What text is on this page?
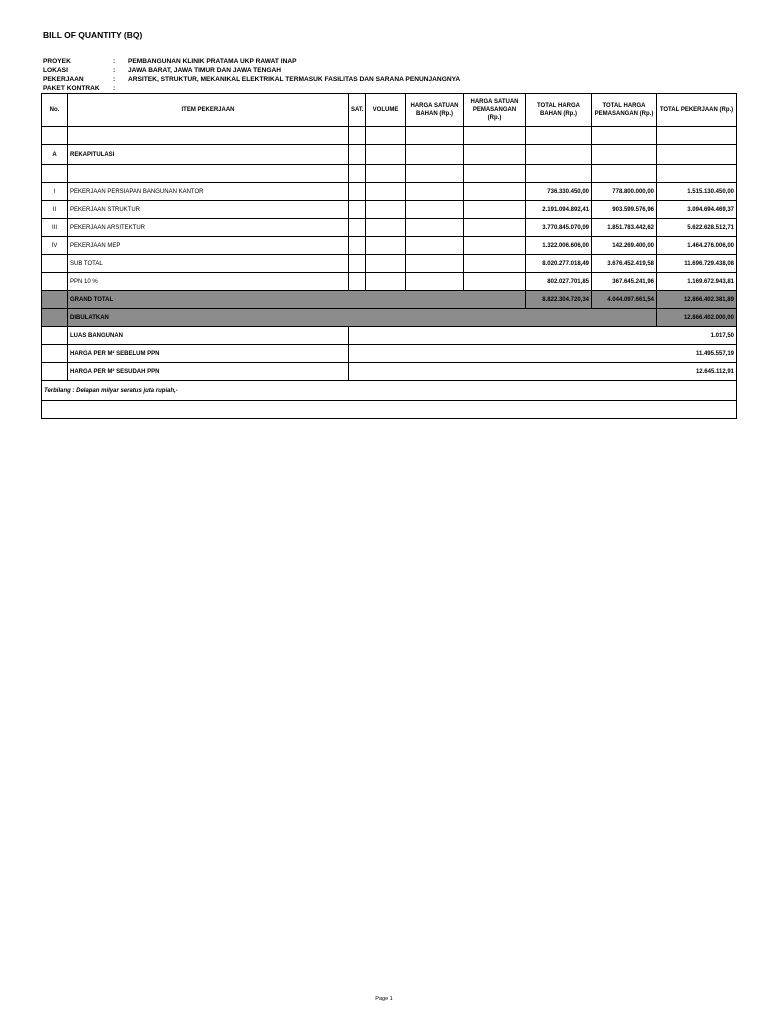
BILL OF QUANTITY (BQ)
PROYEK	: PEMBANGUNAN KLINIK PRATAMA UKP RAWAT INAP
LOKASI	: JAWA BARAT, JAWA TIMUR DAN JAWA TENGAH
PEKERJAAN	: ARSITEK, STRUKTUR, MEKANIKAL ELEKTRIKAL TERMASUK FASILITAS DAN SARANA PENUNJANGNYA
PAKET KONTRAK :
No.	ITEM PEKERJAAN	SAT.	VOLUME	HARGA SATUAN BAHAN (Rp.)	HARGA SATUAN PEMASANGAN (Rp.)	TOTAL HARGA BAHAN (Rp.)	TOTAL HARGA PEMASANGAN (Rp.)	TOTAL PEKERJAAN (Rp.)

A	REKAPITULASI							

I	PEKERJAAN PERSIAPAN BANGUNAN KANTOR					736.330.450,00	778.800.000,00	1.515.130.450,00
II	PEKERJAAN STRUKTUR					2.191.094.892,41	903.599.576,96	3.094.694.469,37
III	PEKERJAAN ARSITEKTUR					3.770.845.070,09	1.851.783.442,62	5.622.628.512,71
IV	PEKERJAAN MEP					1.322.006.606,00	142.269.400,00	1.464.276.006,00
	SUB TOTAL					8.020.277.018,49	3.676.452.419,58	11.696.729.438,08
	PPN 10 %					802.027.701,85	367.645.241,96	1.169.672.943,81
	GRAND TOTAL					8.822.304.720,34	4.044.097.661,54	12.866.402.381,89
	DIBULATKAN							12.866.402.000,00
	LUAS BANGUNAN	1.017,50						
	HARGA PER M² SEBELUM PPN	11.495.557,19						
	HARGA PER M² SESUDAH PPN	12.645.112,91						
Terbilang : Delapan milyar seratus juta rupiah,-								

Page 1
